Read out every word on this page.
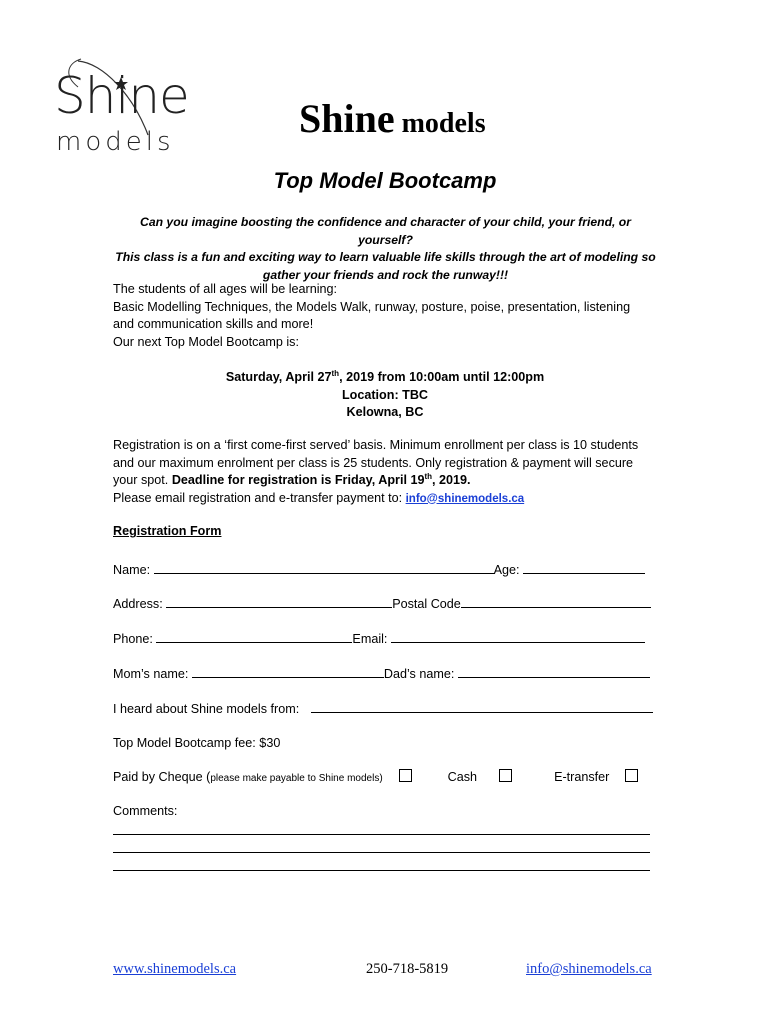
Shine
models
Shine models
Top Model Bootcamp
Can you imagine boosting the confidence and character of your child, your friend, or yourself?
This class is a fun and exciting way to learn valuable life skills through the art of modeling so
gather your friends and rock the runway!!!
The students of all ages will be learning:
Basic Modelling Techniques, the Models Walk, runway, posture, poise, presentation, listening
and communication skills and more!
Our next Top Model Bootcamp is:
Saturday, April 27th, 2019 from 10:00am until 12:00pm
Location: TBC
Kelowna, BC
Registration is on a ‘first come-first served’ basis. Minimum enrollment per class is 10 students
and our maximum enrolment per class is 25 students. Only registration & payment will secure
your spot. Deadline for registration is Friday, April 19th, 2019.
Please email registration and e-transfer payment to: info@shinemodels.ca
Registration Form
Name:	Age:
Address:	Postal Code
Phone:	Email:
Mom’s name:	Dad’s name:
I heard about Shine models from:
Top Model Bootcamp fee: $30
Paid by Cheque (please make payable to Shine models)	Cash	E-transfer
Comments:
www.shinemodels.ca	250-718-5819	info@shinemodels.ca
